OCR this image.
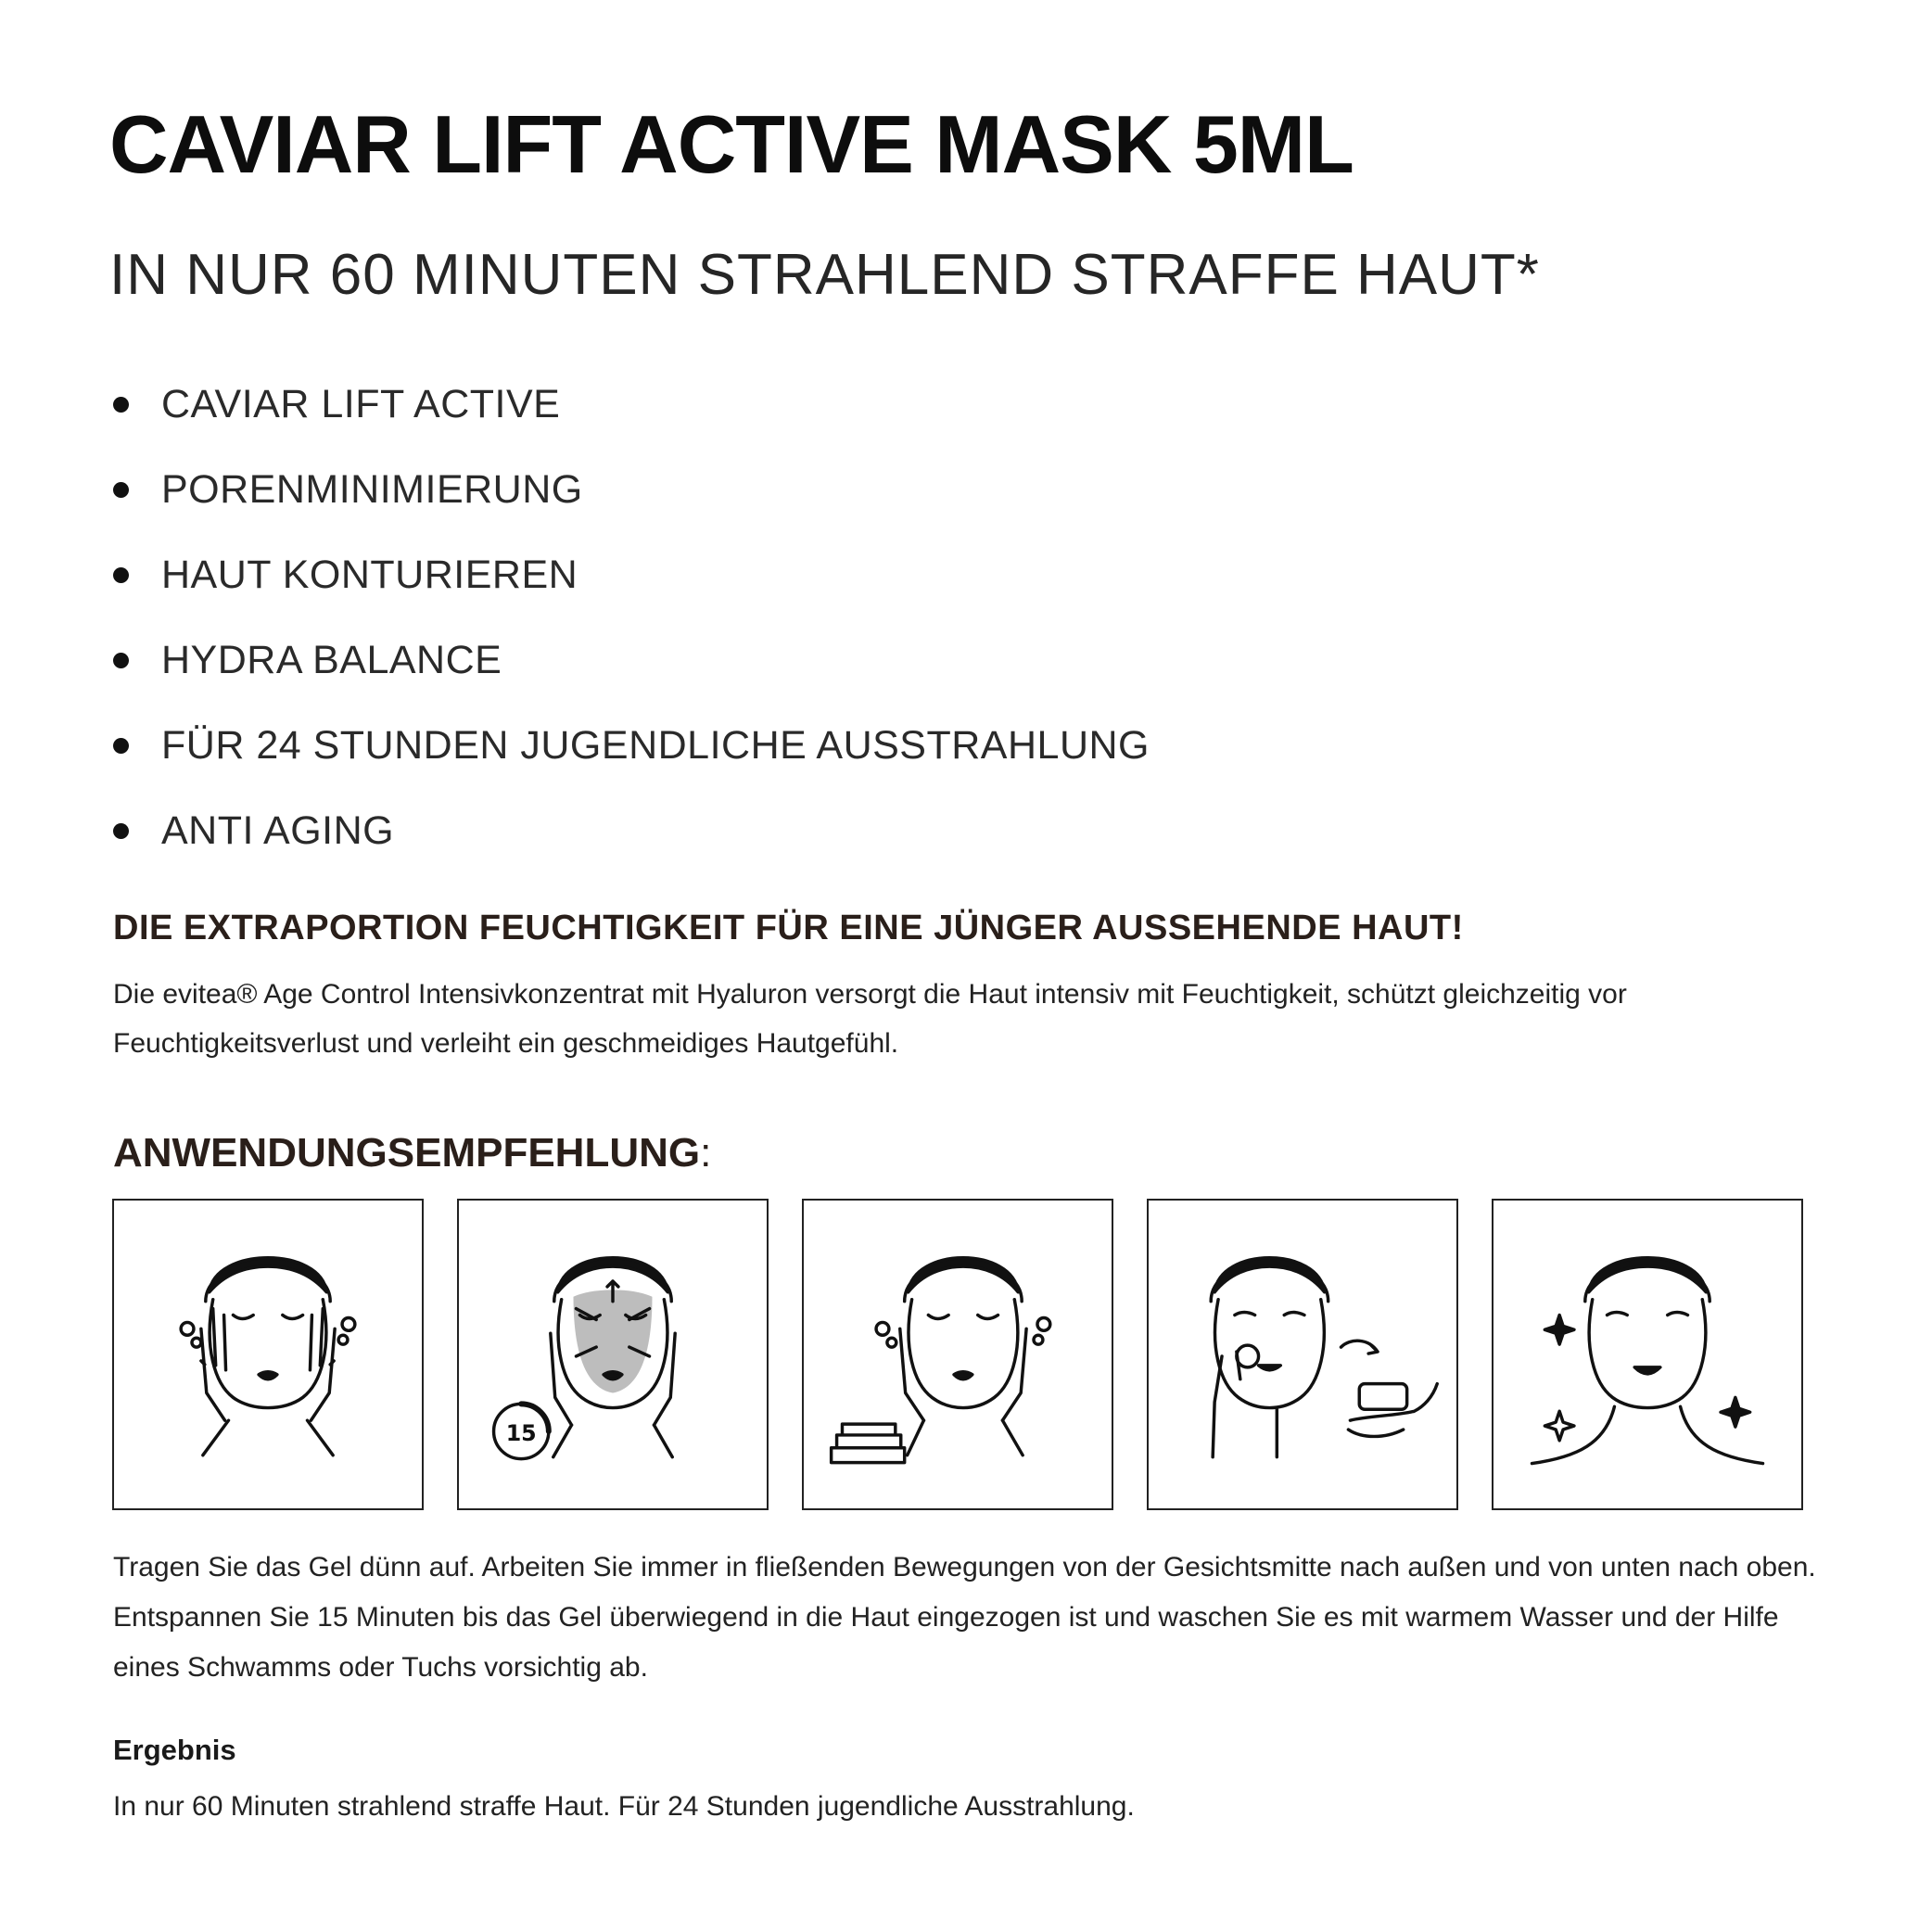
CAVIAR LIFT ACTIVE MASK 5ML
IN NUR 60 MINUTEN STRAHLEND STRAFFE HAUT*
CAVIAR LIFT ACTIVE
PORENMINIMIERUNG
HAUT KONTURIEREN
HYDRA BALANCE
FÜR 24 STUNDEN JUGENDLICHE AUSSTRAHLUNG
ANTI AGING
DIE EXTRAPORTION FEUCHTIGKEIT FÜR EINE JÜNGER AUSSEHENDE HAUT!

Die evitea® Age Control Intensivkonzentrat mit Hyaluron versorgt die Haut intensiv mit Feuchtigkeit, schützt gleichzeitig vor Feuchtigkeitsverlust und verleiht ein geschmeidiges Hautgefühl.

ANWENDUNGSEMPFEHLUNG:
15

Tragen Sie das Gel dünn auf. Arbeiten Sie immer in fließenden Bewegungen von der Gesichtsmitte nach außen und von unten nach oben. Entspannen Sie 15 Minuten bis das Gel überwiegend in die Haut eingezogen ist und waschen Sie es mit warmem Wasser und der Hilfe eines Schwamms oder Tuchs vorsichtig ab.

Ergebnis

In nur 60 Minuten strahlend straffe Haut. Für 24 Stunden jugendliche Ausstrahlung.
